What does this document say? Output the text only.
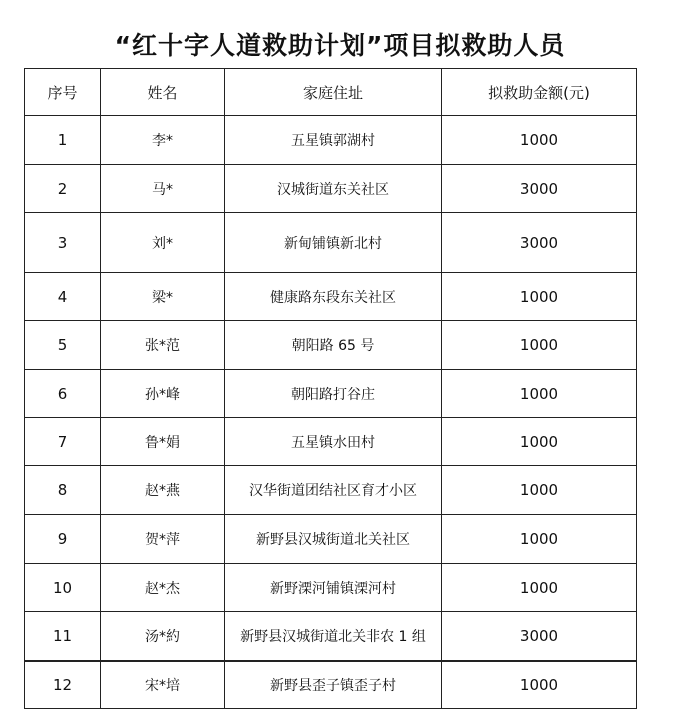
“红十字人道救助计划”项目拟救助人员
序号	姓名	家庭住址	拟救助金额(元)
1	李*	五星镇郭湖村	1000
2	马*	汉城街道东关社区	3000
3	刘*	新甸铺镇新北村	3000
4	梁*	健康路东段东关社区	1000
5	张*范	朝阳路 65 号	1000
6	孙*峰	朝阳路打谷庄	1000
7	鲁*娟	五星镇水田村	1000
8	赵*燕	汉华街道团结社区育才小区	1000
9	贺*萍	新野县汉城街道北关社区	1000
10	赵*杰	新野溧河铺镇溧河村	1000
11	汤*約	新野县汉城街道北关非农 1 组	3000
12	宋*培	新野县歪子镇歪子村	1000
